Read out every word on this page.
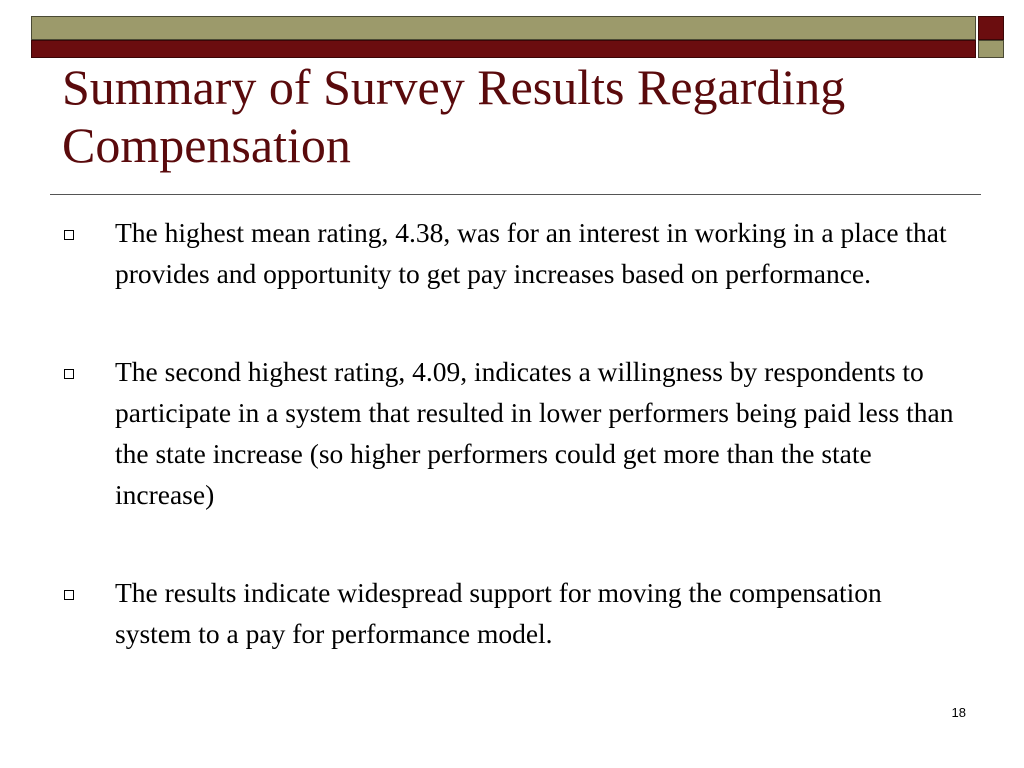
Summary of Survey Results Regarding Compensation
The highest mean rating, 4.38, was for an interest in working in a place that provides and opportunity to get pay increases based on performance.
The second highest rating, 4.09, indicates a willingness by respondents to participate in a system that resulted in lower performers being paid less than the state increase (so higher performers could get more than the state increase)
The results indicate widespread support for moving the compensation system to a pay for performance model.
18
